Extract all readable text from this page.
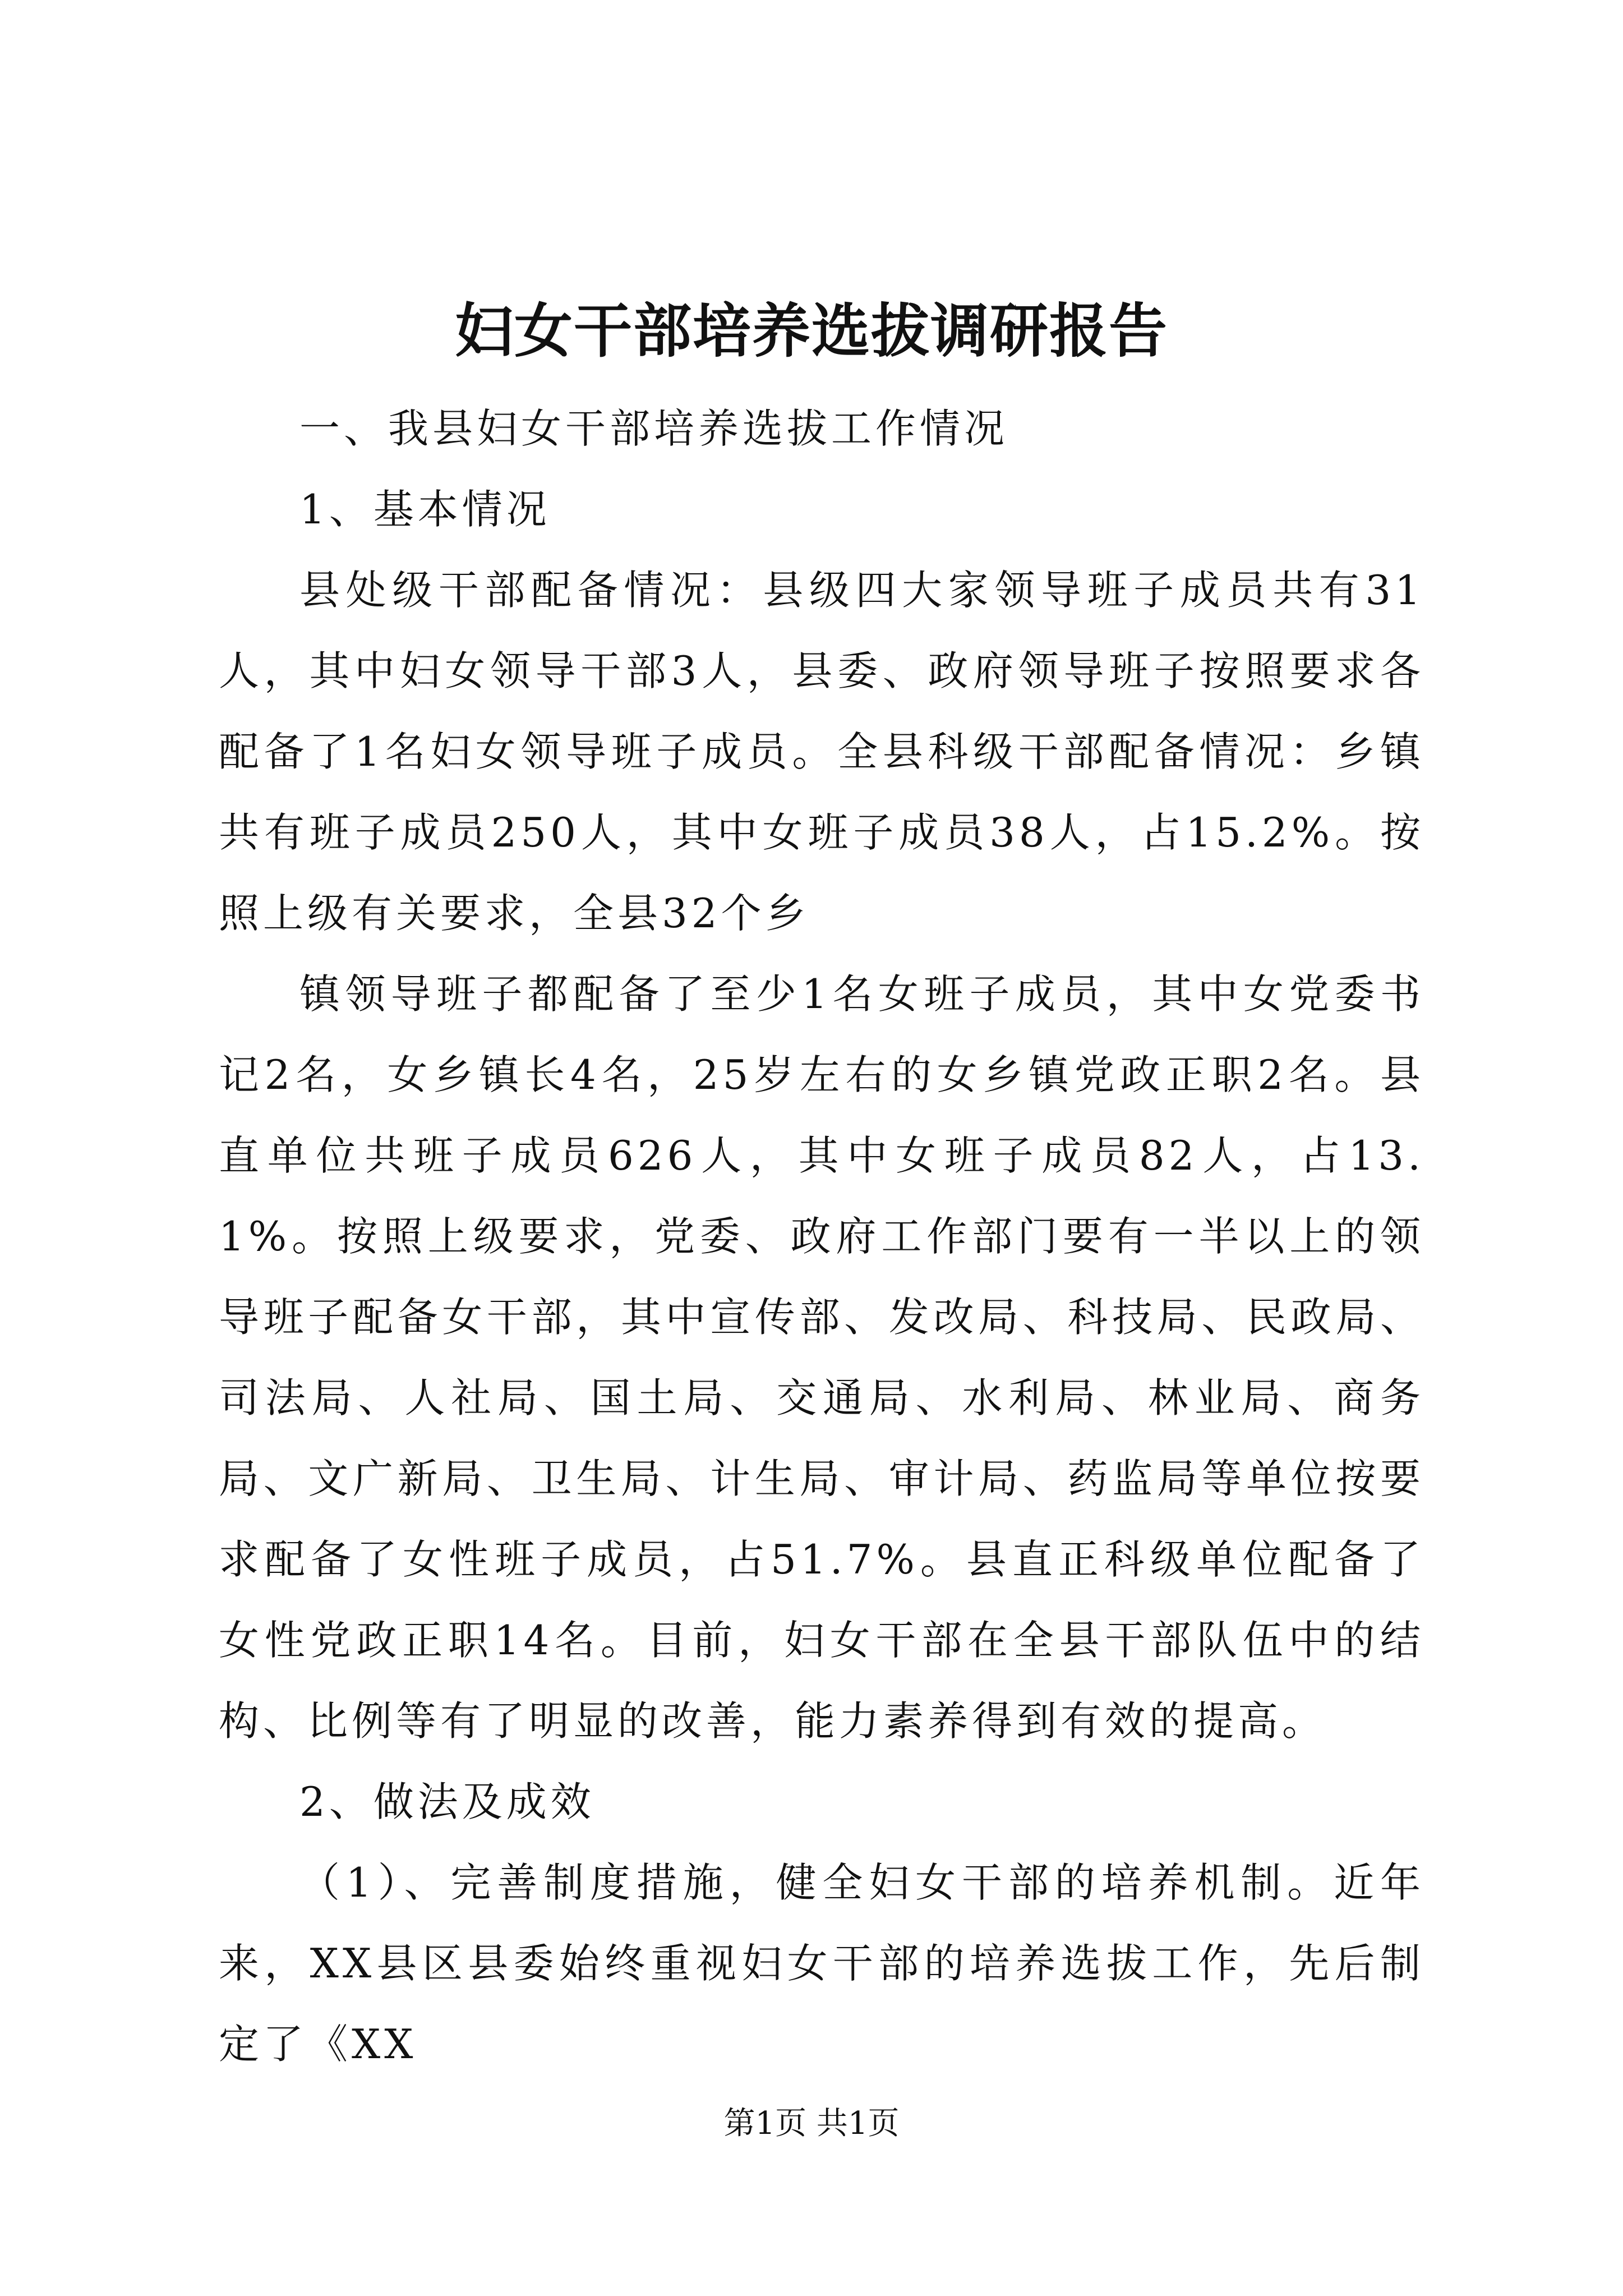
妇女干部培养选拔调研报告

一、我县妇女干部培养选拔工作情况

1、基本情况

县处级干部配备情况：县级四大家领导班子成员共有31人，其中妇女领导干部3人，县委、政府领导班子按照要求各配备了1名妇女领导班子成员。全县科级干部配备情况：乡镇共有班子成员250人，其中女班子成员38人，占15.2%。按照上级有关要求，全县32个乡

镇领导班子都配备了至少1名女班子成员，其中女党委书记2名，女乡镇长4名，25岁左右的女乡镇党政正职2名。县直单位共班子成员626人，其中女班子成员82人，占13.1%。按照上级要求，党委、政府工作部门要有一半以上的领导班子配备女干部，其中宣传部、发改局、科技局、民政局、司法局、人社局、国土局、交通局、水利局、林业局、商务局、文广新局、卫生局、计生局、审计局、药监局等单位按要求配备了女性班子成员，占51.7%。县直正科级单位配备了女性党政正职14名。目前，妇女干部在全县干部队伍中的结构、比例等有了明显的改善，能力素养得到有效的提高。

2、做法及成效

（1）、完善制度措施，健全妇女干部的培养机制。近年来，XX县区县委始终重视妇女干部的培养选拔工作，先后制定了《XX

第1页 共1页
